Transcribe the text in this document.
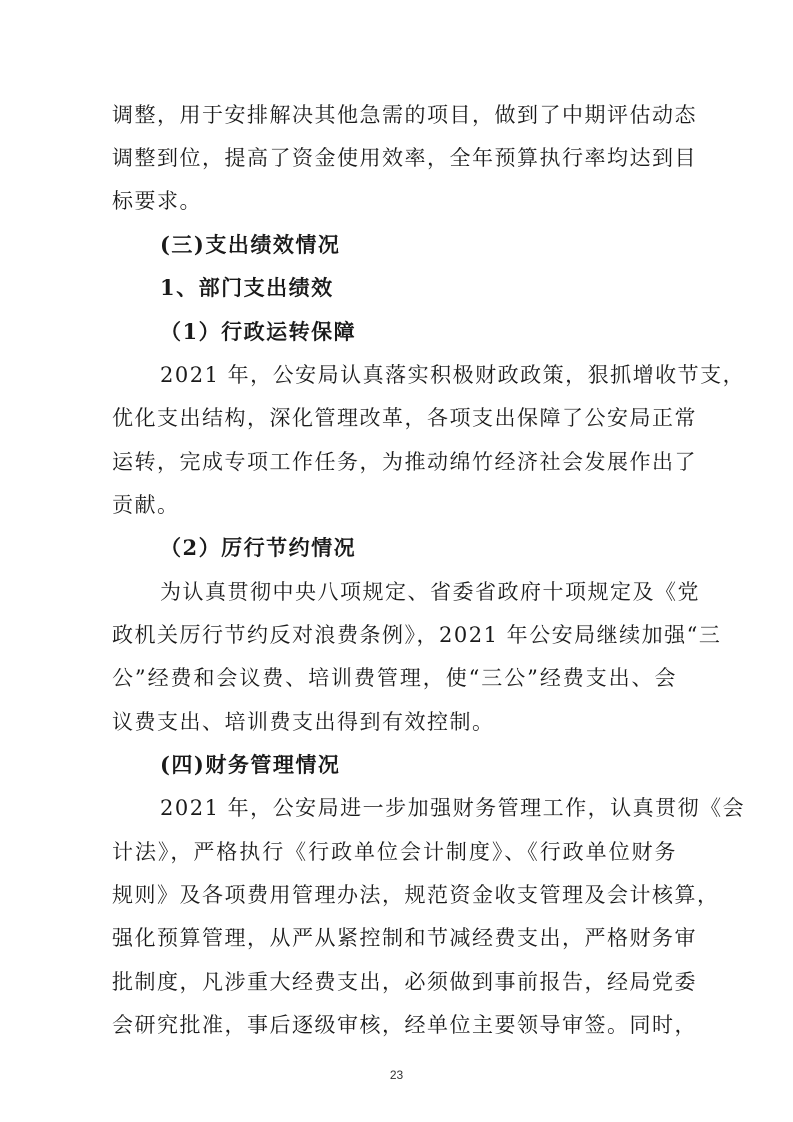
调整，用于安排解决其他急需的项目，做到了中期评估动态
调整到位，提高了资金使用效率，全年预算执行率均达到目
标要求。
(三)支出绩效情况
1、部门支出绩效
（1）行政运转保障
2021 年，公安局认真落实积极财政政策，狠抓增收节支，
优化支出结构，深化管理改革，各项支出保障了公安局正常
运转，完成专项工作任务，为推动绵竹经济社会发展作出了
贡献。
（2）厉行节约情况
为认真贯彻中央八项规定、省委省政府十项规定及《党
政机关厉行节约反对浪费条例》，2021 年公安局继续加强“三
公”经费和会议费、培训费管理，使“三公”经费支出、会
议费支出、培训费支出得到有效控制。
(四)财务管理情况
2021 年，公安局进一步加强财务管理工作，认真贯彻《会
计法》，严格执行《行政单位会计制度》、《行政单位财务
规则》及各项费用管理办法，规范资金收支管理及会计核算，
强化预算管理，从严从紧控制和节减经费支出，严格财务审
批制度，凡涉重大经费支出，必须做到事前报告，经局党委
会研究批准，事后逐级审核，经单位主要领导审签。同时，
23
